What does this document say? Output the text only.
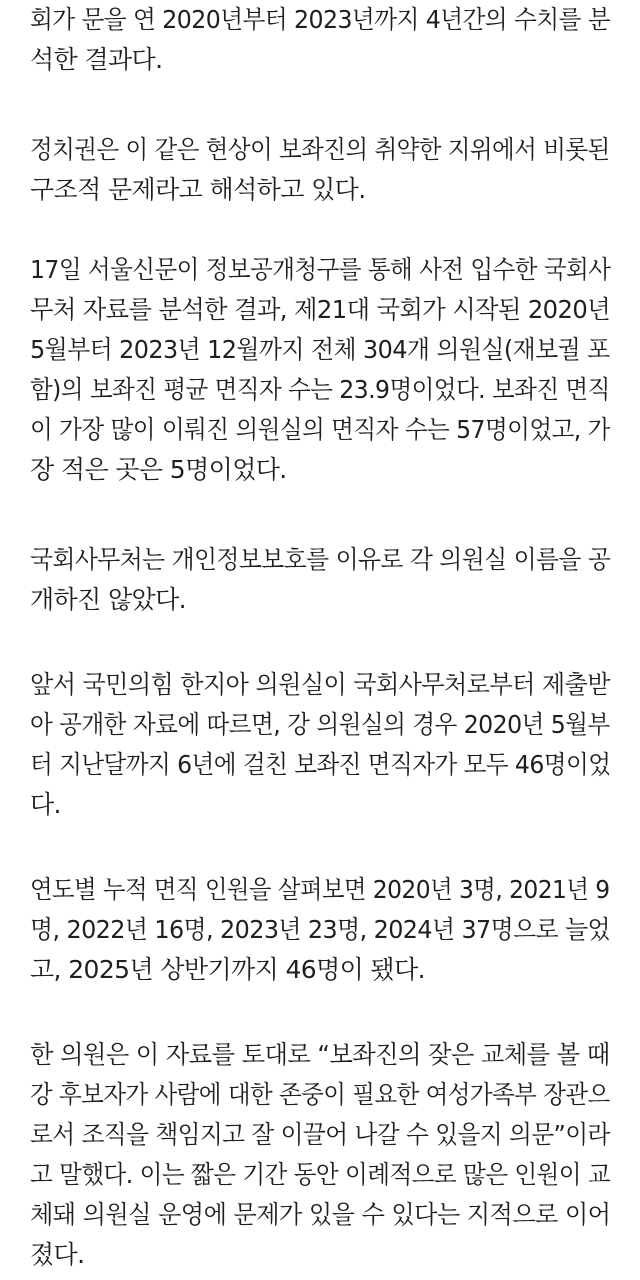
회가 문을 연 2020년부터 2023년까지 4년간의 수치를 분
석한 결과다.
정치권은 이 같은 현상이 보좌진의 취약한 지위에서 비롯된
구조적 문제라고 해석하고 있다.
17일 서울신문이 정보공개청구를 통해 사전 입수한 국회사
무처 자료를 분석한 결과, 제21대 국회가 시작된 2020년
5월부터 2023년 12월까지 전체 304개 의원실(재보궐 포
함)의 보좌진 평균 면직자 수는 23.9명이었다. 보좌진 면직
이 가장 많이 이뤄진 의원실의 면직자 수는 57명이었고, 가
장 적은 곳은 5명이었다.
국회사무처는 개인정보보호를 이유로 각 의원실 이름을 공
개하진 않았다.
앞서 국민의힘 한지아 의원실이 국회사무처로부터 제출받
아 공개한 자료에 따르면, 강 의원실의 경우 2020년 5월부
터 지난달까지 6년에 걸친 보좌진 면직자가 모두 46명이었
다.
연도별 누적 면직 인원을 살펴보면 2020년 3명, 2021년 9
명, 2022년 16명, 2023년 23명, 2024년 37명으로 늘었
고, 2025년 상반기까지 46명이 됐다.
한 의원은 이 자료를 토대로 “보좌진의 잦은 교체를 볼 때
강 후보자가 사람에 대한 존중이 필요한 여성가족부 장관으
로서 조직을 책임지고 잘 이끌어 나갈 수 있을지 의문”이라
고 말했다. 이는 짧은 기간 동안 이례적으로 많은 인원이 교
체돼 의원실 운영에 문제가 있을 수 있다는 지적으로 이어
졌다.
